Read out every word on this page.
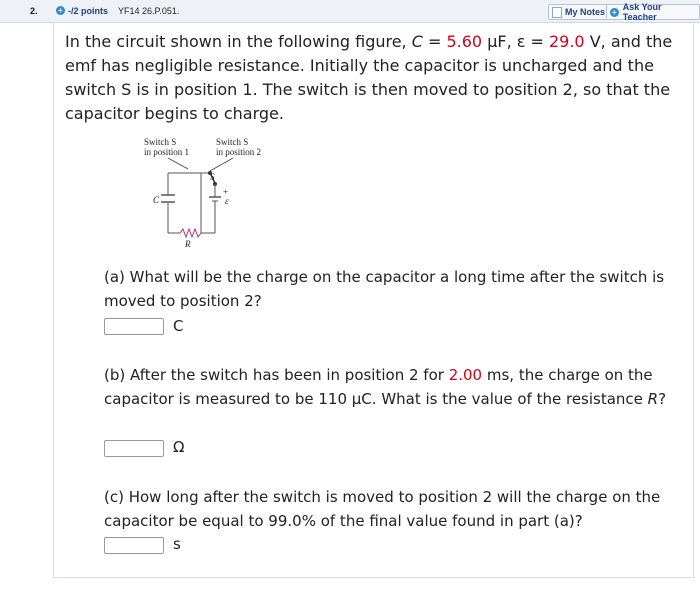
2.	+ -/2 points YF14 26.P.051.	My Notes + Ask Your Teacher
In the circuit shown in the following figure, C = 5.60 μF, ε = 29.0 V, and the emf has negligible resistance. Initially the capacitor is uncharged and the switch S is in position 1. The switch is then moved to position 2, so that the capacitor begins to charge.
Switch S
in position 1
Switch S
in position 2
S
C
+
ε
R
(a) What will be the charge on the capacitor a long time after the switch is moved to position 2?
C
(b) After the switch has been in position 2 for 2.00 ms, the charge on the capacitor is measured to be 110 μC. What is the value of the resistance R?
Ω
(c) How long after the switch is moved to position 2 will the charge on the capacitor be equal to 99.0% of the final value found in part (a)?
s
